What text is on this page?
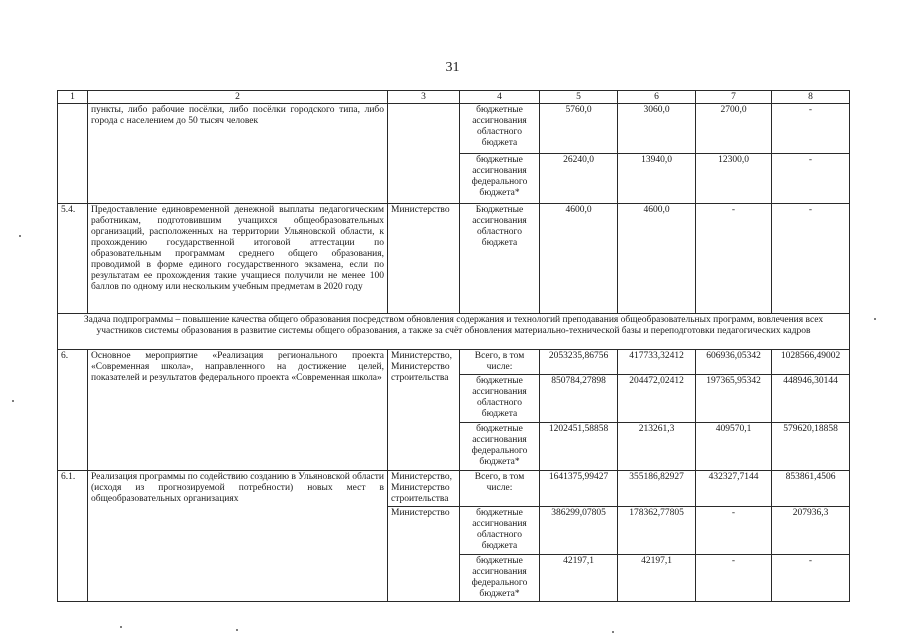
31
1	2	3	4	5	6	7	8
	пункты, либо рабочие посёлки, либо посёлки городского типа, либо города с населением до 50 тысяч человек		бюджетные ассигнования областного бюджета	5760,0	3060,0	2700,0	-
			бюджетные ассигнования федерального бюджета*	26240,0	13940,0	12300,0	-
5.4.	Предоставление единовременной денежной выплаты педагогическим работникам, подготовившим учащихся общеобразовательных организаций, расположенных на территории Ульяновской области, к прохождению государственной итоговой аттестации по образовательным программам среднего общего образования, проводимой в форме единого государственного экзамена, если по результатам ее прохождения такие учащиеся получили не менее 100 баллов по одному или нескольким учебным предметам в 2020 году	Министерство	Бюджетные ассигнования областного бюджета	4600,0	4600,0	-	-
Задача подпрограммы – повышение качества общего образования посредством обновления содержания и технологий преподавания общеобразовательных программ, вовлечения всех участников системы образования в развитие системы общего образования, а также за счёт обновления материально-технической базы и переподготовки педагогических кадров							
6.	Основное мероприятие «Реализация регионального проекта «Современная школа», направленного на достижение целей, показателей и результатов федерального проекта «Современная школа»	Министерство, Министерство строительства	Всего, в том числе:	2053235,86756	417733,32412	606936,05342	1028566,49002
			бюджетные ассигнования областного бюджета	850784,27898	204472,02412	197365,95342	448946,30144
			бюджетные ассигнования федерального бюджета*	1202451,58858	213261,3	409570,1	579620,18858
6.1.	Реализация программы по содействию созданию в Ульяновской области (исходя из прогнозируемой потребности) новых мест в общеобразовательных организациях	Министерство, Министерство строительства	Всего, в том числе:	1641375,99427	355186,82927	432327,7144	853861,4506
		Министерство	бюджетные ассигнования областного бюджета	386299,07805	178362,77805	-	207936,3
			бюджетные ассигнования федерального бюджета*	42197,1	42197,1	-	-
